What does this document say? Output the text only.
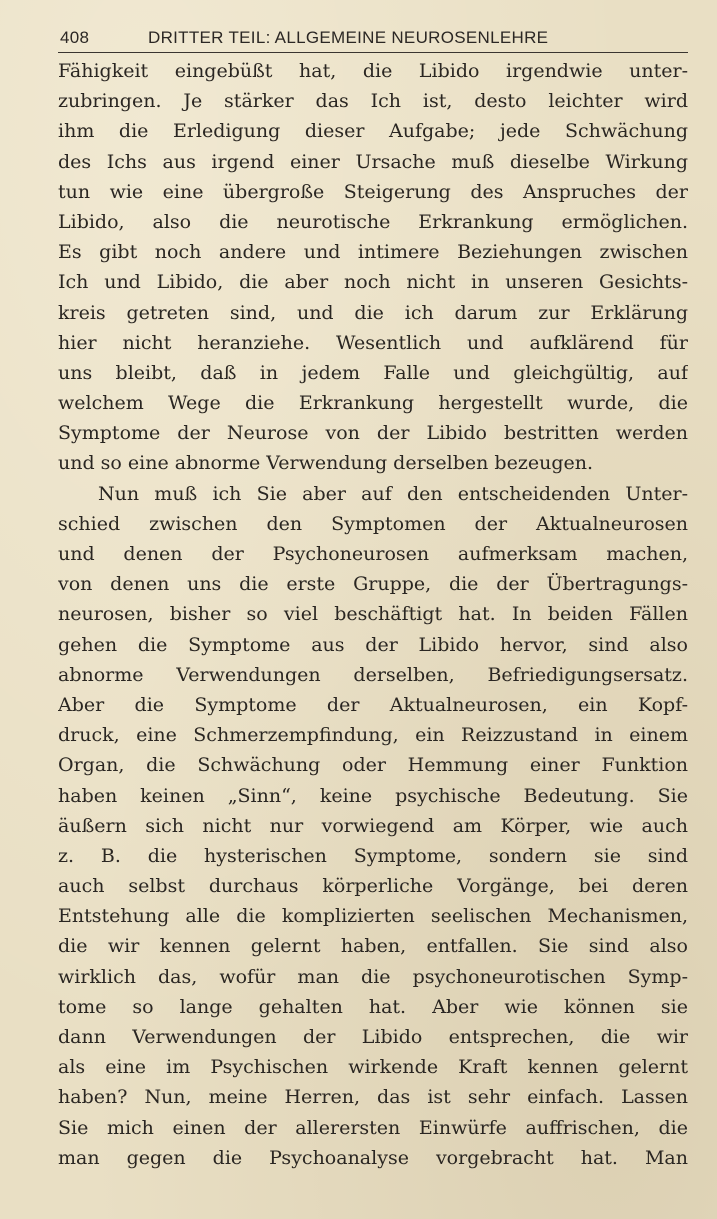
408	DRITTER TEIL: ALLGEMEINE NEUROSENLEHRE
Fähigkeit eingebüßt hat, die Libido irgendwie unter-
zubringen. Je stärker das Ich ist, desto leichter wird
ihm die Erledigung dieser Aufgabe; jede Schwächung
des Ichs aus irgend einer Ursache muß dieselbe Wirkung
tun wie eine übergroße Steigerung des Anspruches der
Libido, also die neurotische Erkrankung ermöglichen.
Es gibt noch andere und intimere Beziehungen zwischen
Ich und Libido, die aber noch nicht in unseren Gesichts-
kreis getreten sind, und die ich darum zur Erklärung
hier nicht heranziehe. Wesentlich und aufklärend für
uns bleibt, daß in jedem Falle und gleichgültig, auf
welchem Wege die Erkrankung hergestellt wurde, die
Symptome der Neurose von der Libido bestritten werden
und so eine abnorme Verwendung derselben bezeugen.
Nun muß ich Sie aber auf den entscheidenden Unter-
schied zwischen den Symptomen der Aktualneurosen
und denen der Psychoneurosen aufmerksam machen,
von denen uns die erste Gruppe, die der Übertragungs-
neurosen, bisher so viel beschäftigt hat. In beiden Fällen
gehen die Symptome aus der Libido hervor, sind also
abnorme Verwendungen derselben, Befriedigungsersatz.
Aber die Symptome der Aktualneurosen, ein Kopf-
druck, eine Schmerzempfindung, ein Reizzustand in einem
Organ, die Schwächung oder Hemmung einer Funktion
haben keinen „Sinn“, keine psychische Bedeutung. Sie
äußern sich nicht nur vorwiegend am Körper, wie auch
z. B. die hysterischen Symptome, sondern sie sind
auch selbst durchaus körperliche Vorgänge, bei deren
Entstehung alle die komplizierten seelischen Mechanismen,
die wir kennen gelernt haben, entfallen. Sie sind also
wirklich das, wofür man die psychoneurotischen Symp-
tome so lange gehalten hat. Aber wie können sie
dann Verwendungen der Libido entsprechen, die wir
als eine im Psychischen wirkende Kraft kennen gelernt
haben? Nun, meine Herren, das ist sehr einfach. Lassen
Sie mich einen der allerersten Einwürfe auffrischen, die
man gegen die Psychoanalyse vorgebracht hat. Man
